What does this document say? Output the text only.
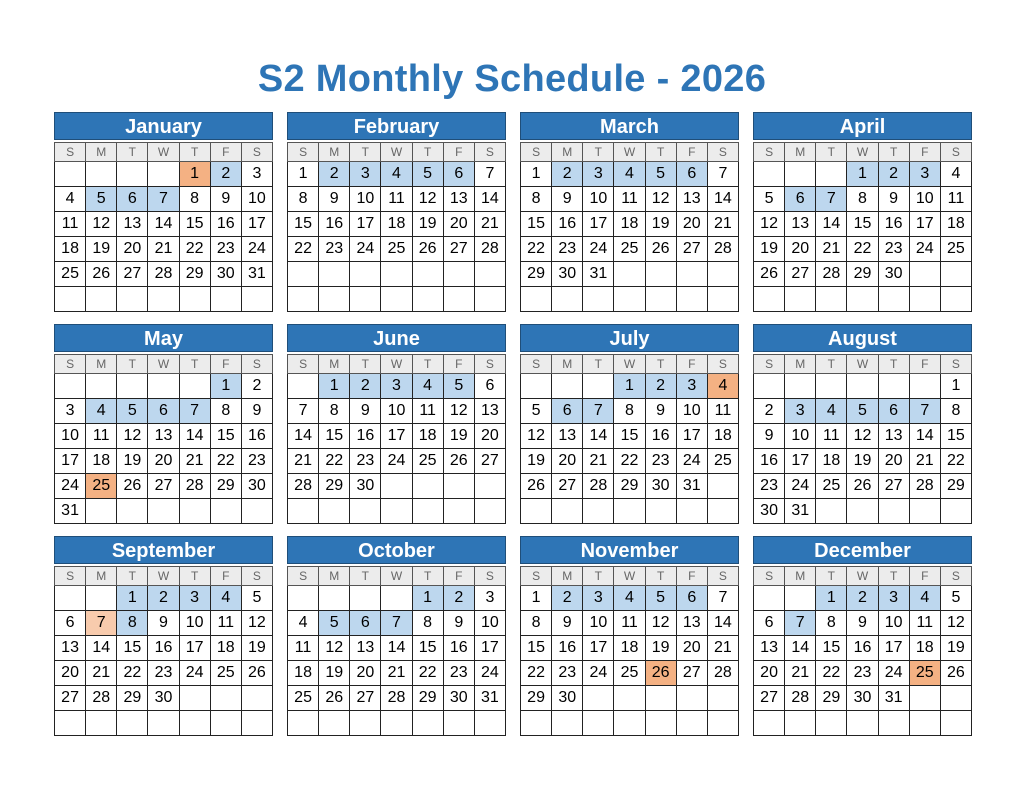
S2 Monthly Schedule - 2026
January
S	M	T	W	T	F	S
				1	2	3
4	5	6	7	8	9	10
11	12	13	14	15	16	17
18	19	20	21	22	23	24
25	26	27	28	29	30	31

February
S	M	T	W	T	F	S
1	2	3	4	5	6	7
8	9	10	11	12	13	14
15	16	17	18	19	20	21
22	23	24	25	26	27	28

March
S	M	T	W	T	F	S
1	2	3	4	5	6	7
8	9	10	11	12	13	14
15	16	17	18	19	20	21
22	23	24	25	26	27	28
29	30	31				

April
S	M	T	W	T	F	S
			1	2	3	4
5	6	7	8	9	10	11
12	13	14	15	16	17	18
19	20	21	22	23	24	25
26	27	28	29	30		

May
S	M	T	W	T	F	S
					1	2
3	4	5	6	7	8	9
10	11	12	13	14	15	16
17	18	19	20	21	22	23
24	25	26	27	28	29	30
31						
June
S	M	T	W	T	F	S
	1	2	3	4	5	6
7	8	9	10	11	12	13
14	15	16	17	18	19	20
21	22	23	24	25	26	27
28	29	30				

July
S	M	T	W	T	F	S
			1	2	3	4
5	6	7	8	9	10	11
12	13	14	15	16	17	18
19	20	21	22	23	24	25
26	27	28	29	30	31	

August
S	M	T	W	T	F	S
						1
2	3	4	5	6	7	8
9	10	11	12	13	14	15
16	17	18	19	20	21	22
23	24	25	26	27	28	29
30	31					
September
S	M	T	W	T	F	S
		1	2	3	4	5
6	7	8	9	10	11	12
13	14	15	16	17	18	19
20	21	22	23	24	25	26
27	28	29	30			

October
S	M	T	W	T	F	S
				1	2	3
4	5	6	7	8	9	10
11	12	13	14	15	16	17
18	19	20	21	22	23	24
25	26	27	28	29	30	31

November
S	M	T	W	T	F	S
1	2	3	4	5	6	7
8	9	10	11	12	13	14
15	16	17	18	19	20	21
22	23	24	25	26	27	28
29	30					

December
S	M	T	W	T	F	S
		1	2	3	4	5
6	7	8	9	10	11	12
13	14	15	16	17	18	19
20	21	22	23	24	25	26
27	28	29	30	31		
